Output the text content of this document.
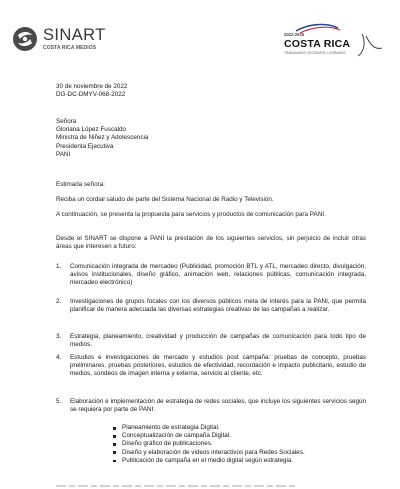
SINART
COSTA RICA MEDIOS
2022-2026
COSTA RICA
TRABAJAMOS, DECIDIMOS, LOGRAMOS
30 de noviembre de 2022
DG-DC-DMYV-068-2022
Señora
Gloriana López Fuscaldo
Ministra de Niñez y Adolescencia
Presidenta Ejecutiva
PANI
Estimada señora:
Reciba un cordial saludo de parte del Sistema Nacional de Radio y Televisión.
A continuación, se presenta la propuesta para servicios y productos de comunicación para PANI.
Desde el SINART se dispone a PANI la prestación de los siguientes servicios, sin perjuicio de incluir otras áreas que interesen a futuro:
1.	Comunicación integrada de mercadeo (Publicidad, promoción BTL y ATL, mercadeo directo, divulgación, avisos institucionales, diseño gráfico, animación web, relaciones públicas, comunicación integrada, mercadeo electrónico)
2.	Investigaciones de grupos focales con los diversos públicos meta de interés para la PANI, que permita planificar de manera adecuada las diversas estrategias creativas de las campañas a realizar.
3.	Estrategia, planeamiento, creatividad y producción de campañas de comunicación para todo tipo de medios.
4.	Estudios e investigaciones de mercado y estudios post campaña: pruebas de concepto, pruebas preliminares, pruebas posteriores, estudios de efectividad, recordación e impacto publicitario, estudio de medios, sondeos de imagen interna y externa, servicio al cliente, etc.
5.	Elaboración e implementación de estrategia de redes sociales, que incluye los siguientes servicios según se requiera por parte de PANI:
Planeamiento de estrategia Digital.
Conceptualización de campaña Digital.
Diseño gráfico de publicaciones.
Diseño y elaboración de videos interactivos para Redes Sociales.
Publicación de campaña en el medio digital según estrategia.
